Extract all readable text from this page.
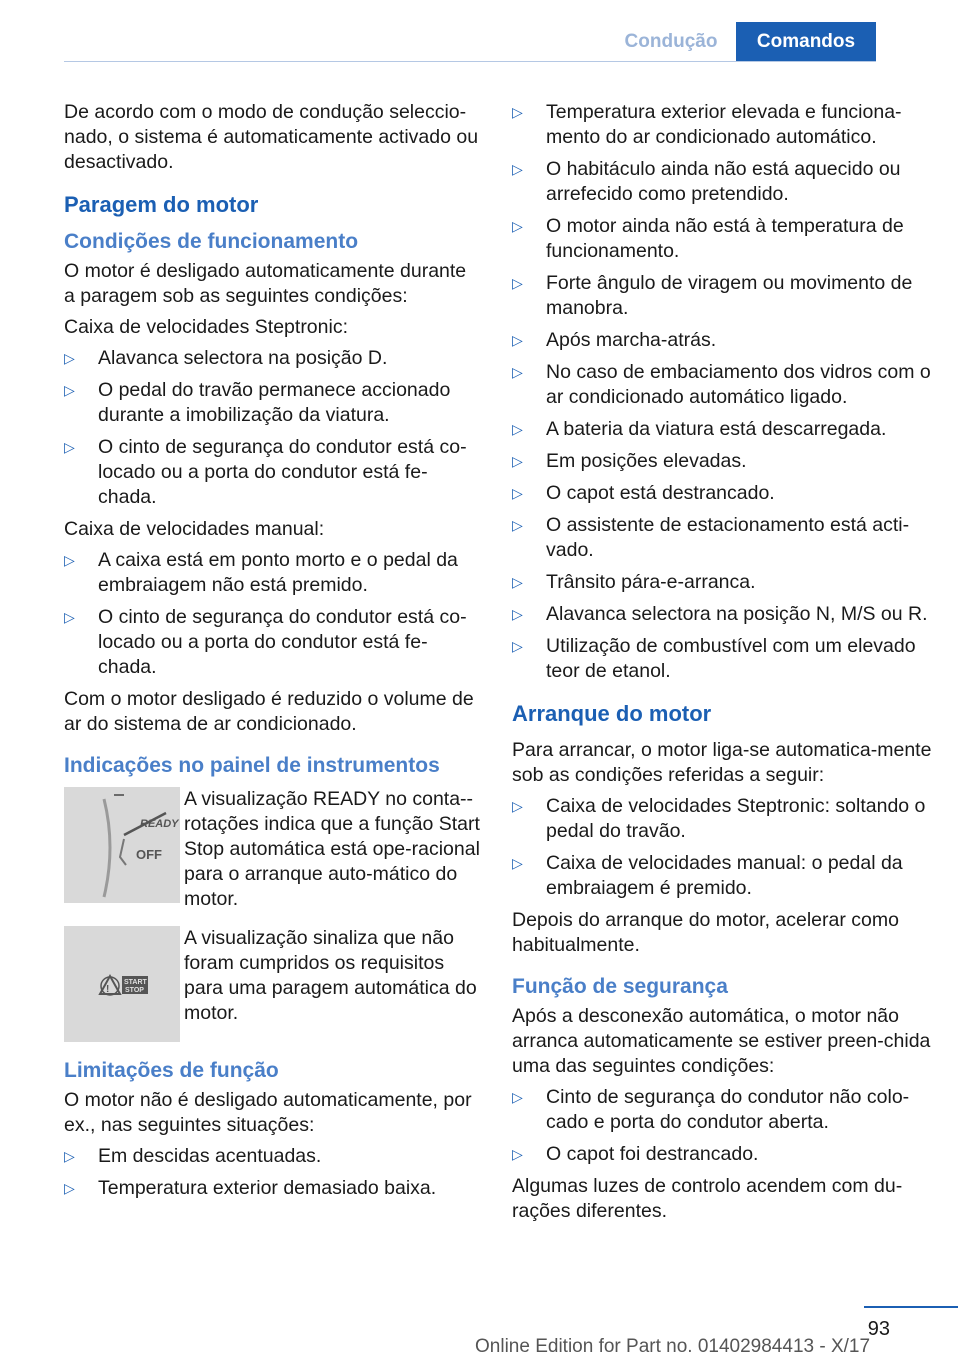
Condução	Comandos

De acordo com o modo de condução seleccio-nado, o sistema é automaticamente activado ou desactivado.

Paragem do motor
Condições de funcionamento

O motor é desligado automaticamente durante a paragem sob as seguintes condições:

Caixa de velocidades Steptronic:

▷ Alavanca selectora na posição D.
▷ O pedal do travão permanece accionado durante a imobilização da viatura.
▷ O cinto de segurança do condutor está co-locado ou a porta do condutor está fe-chada.

Caixa de velocidades manual:

▷ A caixa está em ponto morto e o pedal da embraiagem não está premido.
▷ O cinto de segurança do condutor está co-locado ou a porta do condutor está fe-chada.

Com o motor desligado é reduzido o volume de ar do sistema de ar condicionado.

Indicações no painel de instrumentos
READY
OFF
A visualização READY no conta--rotações indica que a função Start Stop automática está ope-racional para o arranque auto-mático do motor.
!
START
STOP
A visualização sinaliza que não foram cumpridos os requisitos para uma paragem automática do motor.
Limitações de função

O motor não é desligado automaticamente, por ex., nas seguintes situações:

▷ Em descidas acentuadas.
▷ Temperatura exterior demasiado baixa.
▷ Temperatura exterior elevada e funciona-mento do ar condicionado automático.
▷ O habitáculo ainda não está aquecido ou arrefecido como pretendido.
▷ O motor ainda não está à temperatura de funcionamento.
▷ Forte ângulo de viragem ou movimento de manobra.
▷ Após marcha-atrás.
▷ No caso de embaciamento dos vidros com o ar condicionado automático ligado.
▷ A bateria da viatura está descarregada.
▷ Em posições elevadas.
▷ O capot está destrancado.
▷ O assistente de estacionamento está acti-vado.
▷ Trânsito pára-e-arranca.
▷ Alavanca selectora na posição N, M/S ou R.
▷ Utilização de combustível com um elevado teor de etanol.
Arranque do motor

Para arrancar, o motor liga-se automatica-mente sob as condições referidas a seguir:

▷ Caixa de velocidades Steptronic: soltando o pedal do travão.
▷ Caixa de velocidades manual: o pedal da embraiagem é premido.

Depois do arranque do motor, acelerar como habitualmente.

Função de segurança

Após a desconexão automática, o motor não arranca automaticamente se estiver preen-chida uma das seguintes condições:

▷ Cinto de segurança do condutor não colo-cado e porta do condutor aberta.
▷ O capot foi destrancado.

Algumas luzes de controlo acendem com du-rações diferentes.

93
Online Edition for Part no. 01402984413 - X/17
